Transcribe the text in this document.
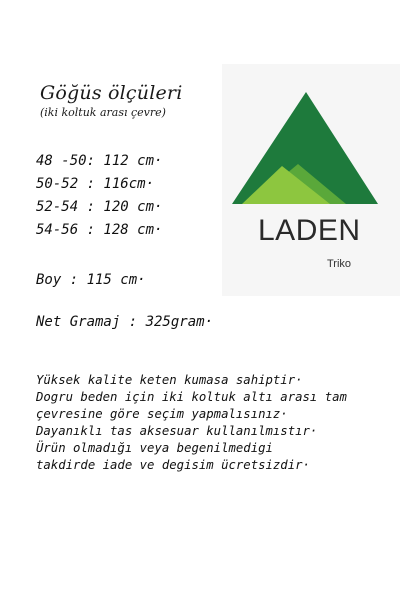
Göğüs ölçüleri
(iki koltuk arası çevre)
48 -50: 112 cm·
50-52 : 116cm·
52-54 : 120 cm·
54-56 : 128 cm·
Boy : 115 cm·
Net Gramaj : 325gram·
Yüksek kalite keten kumasa sahiptir·
Dogru beden için iki koltuk altı arası tam
çevresine göre seçim yapmalısınız·
Dayanıklı tas aksesuar kullanılmıstır·
Ürün olmadığı veya begenilmedigi
takdirde iade ve degisim ücretsizdir·
LADEN
Triko
